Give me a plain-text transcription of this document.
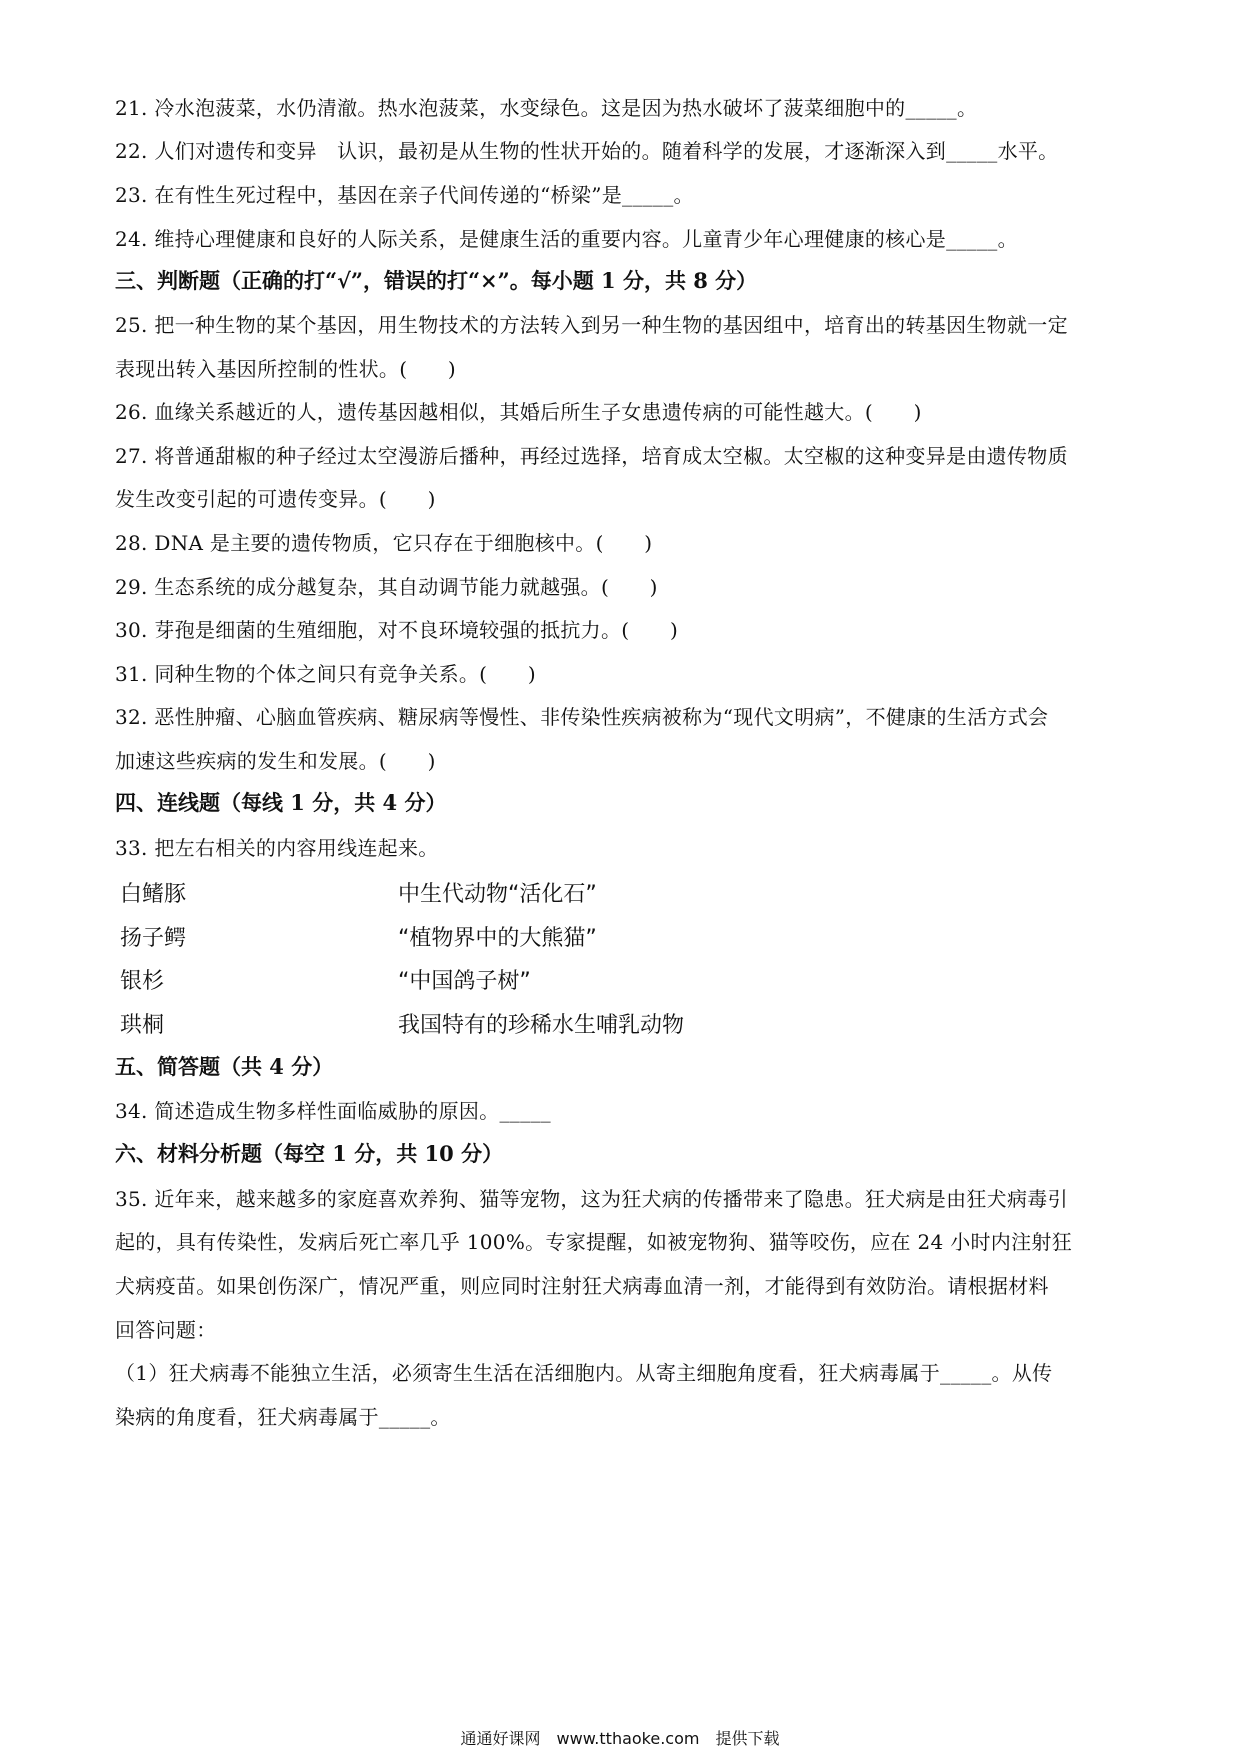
21. 冷水泡菠菜，水仍清澈。热水泡菠菜，水变绿色。这是因为热水破坏了菠菜细胞中的_____。
22. 人们对遗传和变异　认识，最初是从生物的性状开始的。随着科学的发展，才逐渐深入到_____水平。
23. 在有性生死过程中，基因在亲子代间传递的“桥梁”是_____。
24. 维持心理健康和良好的人际关系，是健康生活的重要内容。儿童青少年心理健康的核心是_____。
三、判断题（正确的打“√”，错误的打“×”。每小题 1 分，共 8 分）
25. 把一种生物的某个基因，用生物技术的方法转入到另一种生物的基因组中，培育出的转基因生物就一定
表现出转入基因所控制的性状。(　　)
26. 血缘关系越近的人，遗传基因越相似，其婚后所生子女患遗传病的可能性越大。(　　)
27. 将普通甜椒的种子经过太空漫游后播种，再经过选择，培育成太空椒。太空椒的这种变异是由遗传物质
发生改变引起的可遗传变异。(　　)
28. DNA 是主要的遗传物质，它只存在于细胞核中。(　　)
29. 生态系统的成分越复杂，其自动调节能力就越强。(　　)
30. 芽孢是细菌的生殖细胞，对不良环境较强的抵抗力。(　　)
31. 同种生物的个体之间只有竞争关系。(　　)
32. 恶性肿瘤、心脑血管疾病、糖尿病等慢性、非传染性疾病被称为“现代文明病”，不健康的生活方式会
加速这些疾病的发生和发展。(　　)
四、连线题（每线 1 分，共 4 分）
33. 把左右相关的内容用线连起来。
白鳍豚
扬子鳄
银杉
珙桐
中生代动物“活化石”
“植物界中的大熊猫”
“中国鸽子树”
我国特有的珍稀水生哺乳动物
五、简答题（共 4 分）
34. 简述造成生物多样性面临威胁的原因。_____
六、材料分析题（每空 1 分，共 10 分）
35. 近年来，越来越多的家庭喜欢养狗、猫等宠物，这为狂犬病的传播带来了隐患。狂犬病是由狂犬病毒引
起的，具有传染性，发病后死亡率几乎 100%。专家提醒，如被宠物狗、猫等咬伤，应在 24 小时内注射狂
犬病疫苗。如果创伤深广，情况严重，则应同时注射狂犬病毒血清一剂，才能得到有效防治。请根据材料
回答问题：
（1）狂犬病毒不能独立生活，必须寄生生活在活细胞内。从寄主细胞角度看，狂犬病毒属于_____。从传
染病的角度看，狂犬病毒属于_____。
通通好课网　www.tthaoke.com　提供下载
